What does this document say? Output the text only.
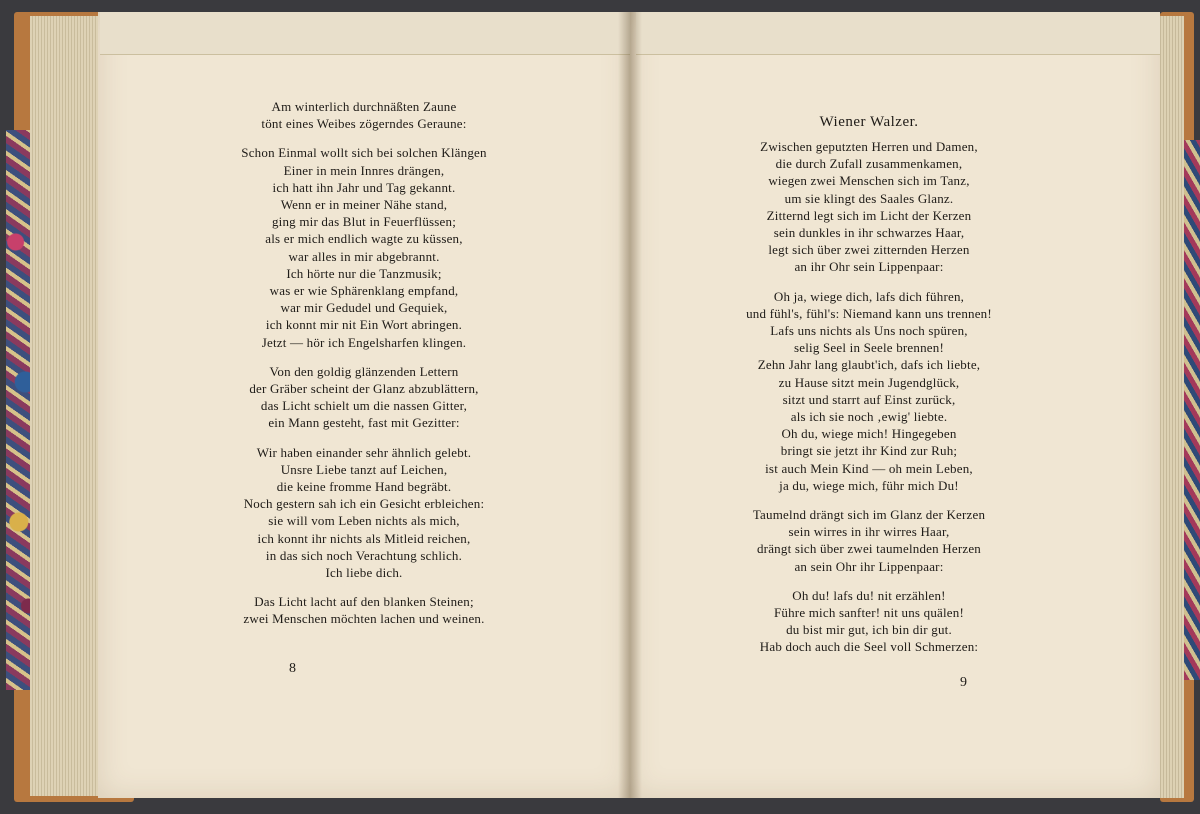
Am winterlich durchnäßten Zaune
tönt eines Weibes zögerndes Geraune:
Schon Einmal wollt sich bei solchen Klängen
Einer in mein Innres drängen,
ich hatt ihn Jahr und Tag gekannt.
Wenn er in meiner Nähe stand,
ging mir das Blut in Feuerflüssen;
als er mich endlich wagte zu küssen,
war alles in mir abgebrannt.
Ich hörte nur die Tanzmusik;
was er wie Sphärenklang empfand,
war mir Gedudel und Gequiek,
ich konnt mir nit Ein Wort abringen.
Jetzt — hör ich Engelsharfen klingen.
Von den goldig glänzenden Lettern
der Gräber scheint der Glanz abzublättern,
das Licht schielt um die nassen Gitter,
ein Mann gesteht, fast mit Gezitter:
Wir haben einander sehr ähnlich gelebt.
Unsre Liebe tanzt auf Leichen,
die keine fromme Hand begräbt.
Noch gestern sah ich ein Gesicht erbleichen:
sie will vom Leben nichts als mich,
ich konnt ihr nichts als Mitleid reichen,
in das sich noch Verachtung schlich.
Ich liebe dich.
Das Licht lacht auf den blanken Steinen;
zwei Menschen möchten lachen und weinen.
8
Wiener Walzer.
Zwischen geputzten Herren und Damen,
die durch Zufall zusammenkamen,
wiegen zwei Menschen sich im Tanz,
um sie klingt des Saales Glanz.
Zitternd legt sich im Licht der Kerzen
sein dunkles in ihr schwarzes Haar,
legt sich über zwei zitternden Herzen
an ihr Ohr sein Lippenpaar:
Oh ja, wiege dich, lafs dich führen,
und fühl's, fühl's: Niemand kann uns trennen!
Lafs uns nichts als Uns noch spüren,
selig Seel in Seele brennen!
Zehn Jahr lang glaubt'ich, dafs ich liebte,
zu Hause sitzt mein Jugendglück,
sitzt und starrt auf Einst zurück,
als ich sie noch ‚ewig' liebte.
Oh du, wiege mich! Hingegeben
bringt sie jetzt ihr Kind zur Ruh;
ist auch Mein Kind — oh mein Leben,
ja du, wiege mich, führ mich Du!
Taumelnd drängt sich im Glanz der Kerzen
sein wirres in ihr wirres Haar,
drängt sich über zwei taumelnden Herzen
an sein Ohr ihr Lippenpaar:
Oh du! lafs du! nit erzählen!
Führe mich sanfter! nit uns quälen!
du bist mir gut, ich bin dir gut.
Hab doch auch die Seel voll Schmerzen:
9
